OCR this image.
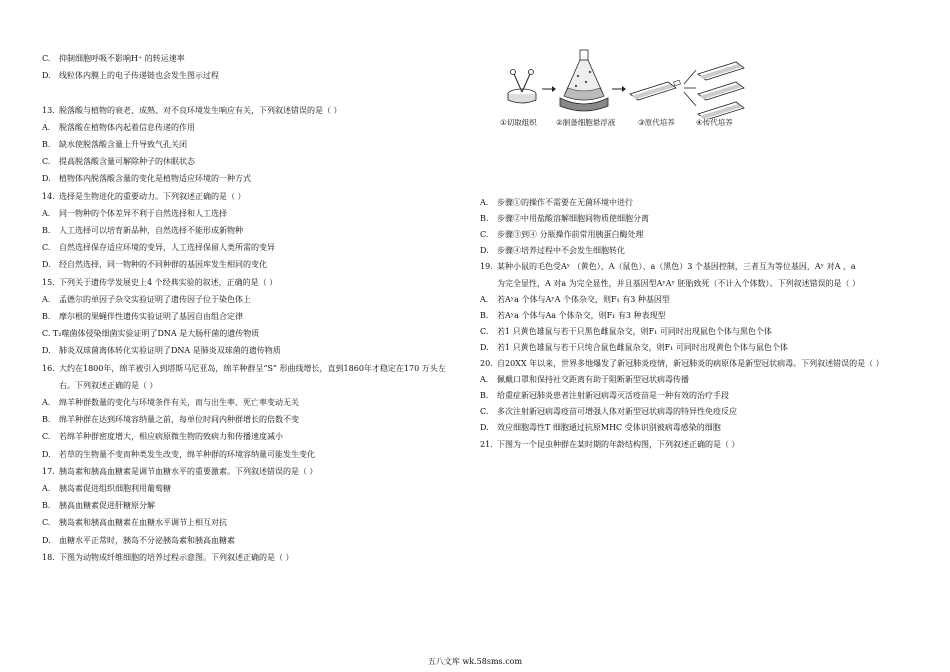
C. 抑制细胞呼吸不影响H⁺ 的转运速率
D. 线粒体内膜上的电子传递链也会发生图示过程
13. 脱落酸与植物的衰老、成熟、对不良环境发生响应有关，下列叙述错误的是（ ）
A. 脱落酸在植物体内起着信息传递的作用
B. 缺水使脱落酸含量上升导致气孔关闭
C. 提高脱落酸含量可解除种子的休眠状态
D. 植物体内脱落酸含量的变化是植物适应环境的一种方式
14. 选择是生物进化的重要动力。下列叙述正确的是（ ）
A. 同一物种的个体差异不利于自然选择和人工选择
B. 人工选择可以培育新品种，自然选择不能形成新物种
C. 自然选择保存适应环境的变异，人工选择保留人类所需的变异
D. 经自然选择，同一物种的不同种群的基因库发生相同的变化
15. 下列关于遗传学发展史上4 个经典实验的叙述，正确的是（ ）
A. 孟德尔的单因子杂交实验证明了遗传因子位于染色体上
B. 摩尔根的果蝇伴性遗传实验证明了基因自由组合定律
C. T₂噬菌体侵染细菌实验证明了DNA 是大肠杆菌的遗传物质
D. 肺炎双球菌离体转化实验证明了DNA 是肺炎双球菌的遗传物质
16. 大约在1800年，绵羊被引入到塔斯马尼亚岛，绵羊种群呈“S” 形曲线增长，直到1860年才稳定在170 万头左
右。下列叙述正确的是（ ）
A. 绵羊种群数量的变化与环境条件有关，而与出生率、死亡率变动无关
B. 绵羊种群在达到环境容纳量之前，每单位时间内种群增长的倍数不变
C. 若绵羊种群密度增大，相应病原微生物的致病力和传播速度减小
D. 若草的生物量不变而种类发生改变，绵羊种群的环境容纳量可能发生变化
17. 胰岛素和胰高血糖素是调节血糖水平的重要激素。下列叙述错误的是（ ）
A. 胰岛素促进组织细胞利用葡萄糖
B. 胰高血糖素促进肝糖原分解
C. 胰岛素和胰高血糖素在血糖水平调节上相互对抗
D. 血糖水平正常时，胰岛不分泌胰岛素和胰高血糖素
18. 下图为动物成纤维细胞的培养过程示意图。下列叙述正确的是（ ）
A. 步骤①的操作不需要在无菌环境中进行
B. 步骤②中用盐酸溶解细胞间物质使细胞分离
C. 步骤③到④ 分瓶操作前常用胰蛋白酶处理
D. 步骤④培养过程中不会发生细胞转化
19. 某种小鼠的毛色受Aʸ （黄色）、A（鼠色）、a（黑色）3 个基因控制，三者互为等位基因，Aʸ 对A 、a
为完全显性，A 对a 为完全显性，并且基因型AʸAʸ 胚胎致死（不计入个体数）。下列叙述错误的是（ ）
A. 若Aʸa 个体与AʸA 个体杂交，则F₁ 有3 种基因型
B. 若Aʸa 个体与Aa 个体杂交，则F₁ 有3 种表现型
C. 若1 只黄色雄鼠与若干只黑色雌鼠杂交，则F₁ 可同时出现鼠色个体与黑色个体
D. 若1 只黄色雄鼠与若干只纯合鼠色雌鼠杂交，则F₁ 可同时出现黄色个体与鼠色个体
20. 自20XX 年以来，世界多地爆发了新冠肺炎疫情，新冠肺炎的病原体是新型冠状病毒。下列叙述错误的是（ ）
A. 佩戴口罩和保持社交距离有助于阻断新型冠状病毒传播
B. 给重症新冠肺炎患者注射新冠病毒灭活疫苗是一种有效的治疗手段
C. 多次注射新冠病毒疫苗可增强人体对新型冠状病毒的特异性免疫反应
D. 效应细胞毒性T 细胞通过抗原MHC 受体识别被病毒感染的细胞
21. 下图为一个昆虫种群在某时期的年龄结构图，下列叙述正确的是（ ）
①切取组织	②制备细胞悬浮液	③原代培养	④传代培养
五八文库 wk.58sms.com
